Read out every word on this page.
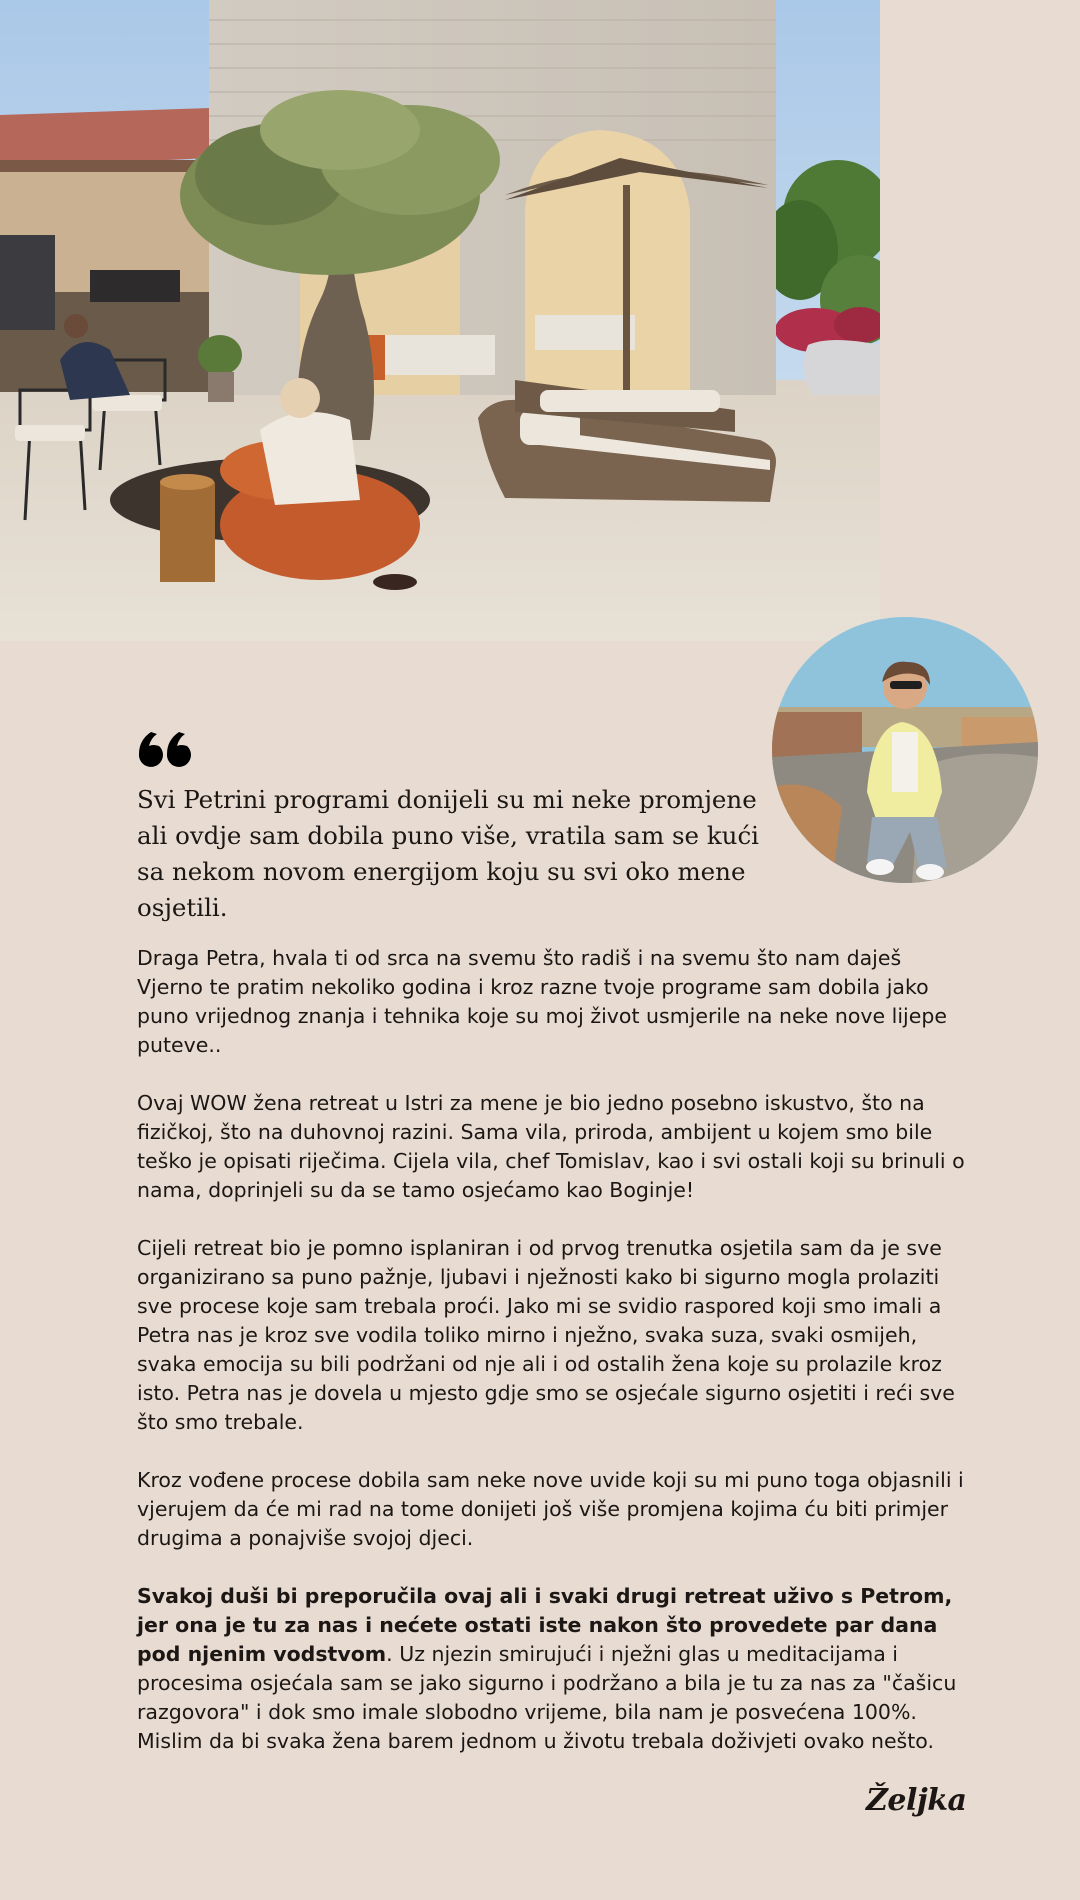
Svi Petrini programi donijeli su mi neke promjene ali ovdje sam dobila puno više, vratila sam se kući sa nekom novom energijom koju su svi oko mene osjetili.

Draga Petra, hvala ti od srca na svemu što radiš i na svemu što nam daješ Vjerno te pratim nekoliko godina i kroz razne tvoje programe sam dobila jako puno vrijednog znanja i tehnika koje su moj život usmjerile na neke nove lijepe puteve..

Ovaj WOW žena retreat u Istri za mene je bio jedno posebno iskustvo, što na fizičkoj, što na duhovnoj razini. Sama vila, priroda, ambijent u kojem smo bile teško je opisati riječima. Cijela vila, chef Tomislav, kao i svi ostali koji su brinuli o nama, doprinjeli su da se tamo osjećamo kao Boginje!

Cijeli retreat bio je pomno isplaniran i od prvog trenutka osjetila sam da je sve organizirano sa puno pažnje, ljubavi i nježnosti kako bi sigurno mogla prolaziti sve procese koje sam trebala proći. Jako mi se svidio raspored koji smo imali a Petra nas je kroz sve vodila toliko mirno i nježno, svaka suza, svaki osmijeh, svaka emocija su bili podržani od nje ali i od ostalih žena koje su prolazile kroz isto. Petra nas je dovela u mjesto gdje smo se osjećale sigurno osjetiti i reći sve što smo trebale.

Kroz vođene procese dobila sam neke nove uvide koji su mi puno toga objasnili i vjerujem da će mi rad na tome donijeti još više promjena kojima ću biti primjer drugima a ponajviše svojoj djeci.

Svakoj duši bi preporučila ovaj ali i svaki drugi retreat uživo s Petrom, jer ona je tu za nas i nećete ostati iste nakon što provedete par dana pod njenim vodstvom. Uz njezin smirujući i nježni glas u meditacijama i procesima osjećala sam se jako sigurno i podržano a bila je tu za nas za "čašicu razgovora" i dok smo imale slobodno vrijeme, bila nam je posvećena 100%. Mislim da bi svaka žena barem jednom u životu trebala doživjeti ovako nešto.

Željka
